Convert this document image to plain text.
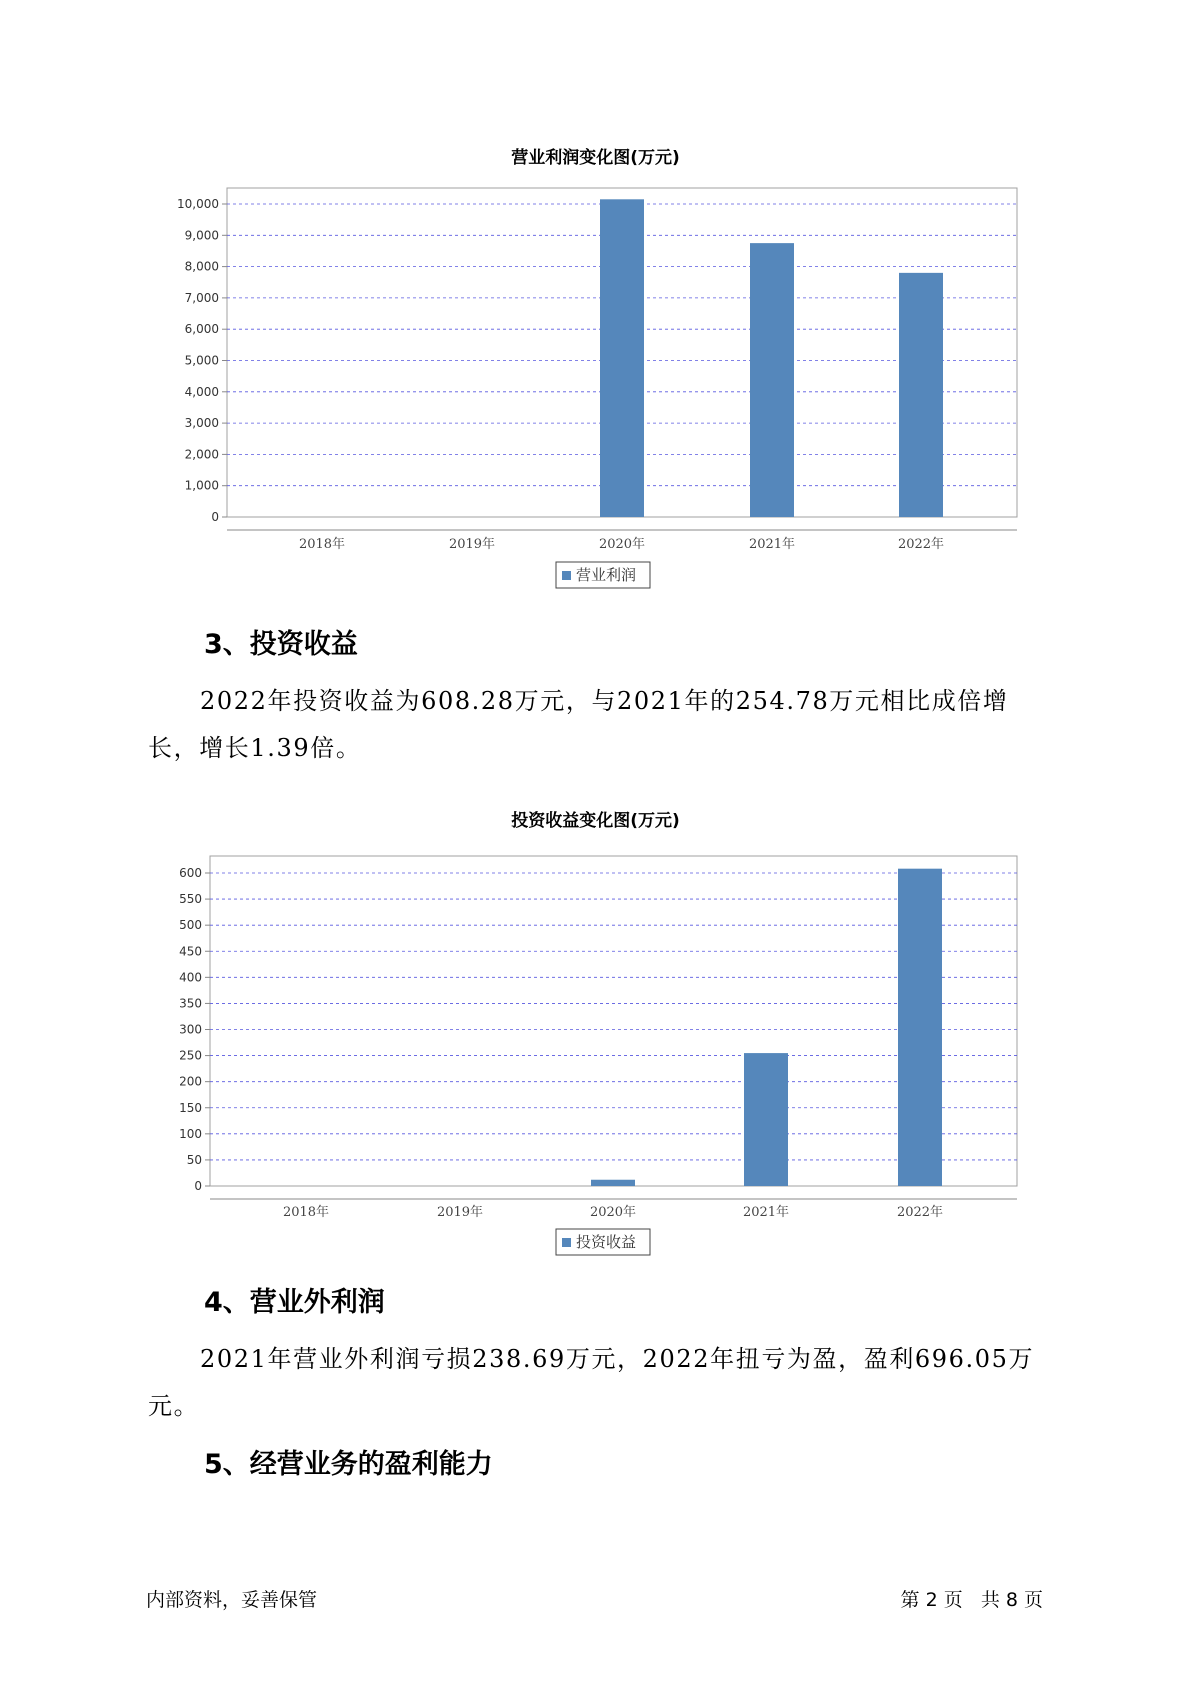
营业利润变化图(万元)
0
1,000
2,000
3,000
4,000
5,000
6,000
7,000
8,000
9,000
10,000
2018年	2019年	2020年	2021年	2022年
营业利润
3、投资收益
2022年投资收益为608.28万元，与2021年的254.78万元相比成倍增长，增长1.39倍。
投资收益变化图(万元)
0
50
100
150
200
250
300
350
400
450
500
550
600
2018年	2019年	2020年	2021年	2022年
投资收益
4、营业外利润
2021年营业外利润亏损238.69万元，2022年扭亏为盈，盈利696.05万元。
5、经营业务的盈利能力
内部资料，妥善保管	第 2 页   共 8 页
